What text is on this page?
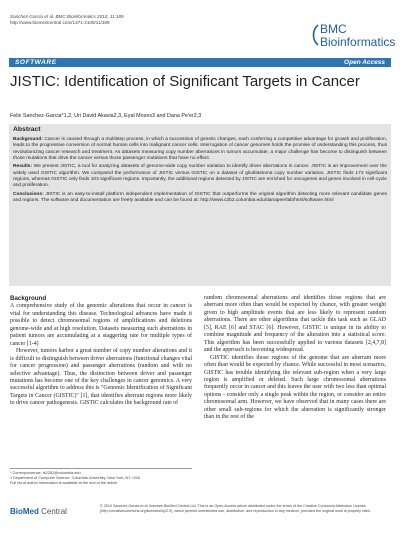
Sanchez-Garcia et al. BMC Bioinformatics 2010, 11:189
http://www.biomedcentral.com/1471-2105/11/189	BMC
Bioinformatics
SOFTWARE	Open Access
JISTIC: Identification of Significant Targets in Cancer
Felix Sanchez-Garcia*1,2, Uri David Akavia2,3, Eyal Mozes3 and Dana Pe'er2,3
Abstract

Background: Cancer is caused through a multistep process, in which a succession of genetic changes, each conferring a competitive advantage for growth and proliferation, leads to the progressive conversion of normal human cells into malignant cancer cells. Interrogation of cancer genomes holds the promise of understanding this process, thus revolutionizing cancer research and treatment. As datasets measuring copy number aberrations in tumors accumulate, a major challenge has become to distinguish between those mutations that drive the cancer versus those passenger mutations that have no effect.

Results: We present JISTIC, a tool for analyzing datasets of genome-wide copy number variation to identify driver aberrations in cancer. JISTIC is an improvement over the widely used GISTIC algorithm. We compared the performance of JISTIC versus GISTIC on a dataset of glioblastoma copy number variation, JISTIC finds 173 significant regions, whereas GISTIC only finds 103 significant regions. Importantly, the additional regions detected by JISTIC are enriched for oncogenes and genes involved in cell-cycle and proliferation.

Conclusions: JISTIC is an easy-to-install platform independent implementation of GISTIC that outperforms the original algorithm detecting more relevant candidate genes and regions. The software and documentation are freely available and can be found at: http://www.c2b2.columbia.edu/danapeerlab/html/software.html

Background

A comprehensive study of the genomic alterations that occur in cancer is vital for understanding this disease. Technological advances have made it possible to detect chromosomal regions of amplifications and deletions genome-wide and at high resolution. Datasets measuring such aberrations in patient tumors are accumulating at a staggering rate for multiple types of cancer [1-4]

However, tumors harbor a great number of copy number alterations and it is difficult to distinguish between driver aberrations (functional changes vital for cancer progression) and passenger aberrations (random and with no selective advantage). Thus, the distinction between driver and passenger mutations has become one of the key challenges in cancer genomics. A very successful algorithm to address this is "Genomic Identification of Significant Targets in Cancer (GISTIC)" [1], that identifies aberrant regions more likely to drive cancer pathogenesis. GISTIC calculates the background rate of

random chromosomal aberrations and identifies those regions that are aberrant more often than would be expected by chance, with greater weight given to high amplitude events that are less likely to represent random aberrations. There are other algorithms that tackle this task such as GLAD [5], RAE [6] and STAC [6]. However, GISTIC is unique in its ability to combine magnitude and frequency of the alteration into a statistical score. This algorithm has been successfully applied to various datasets [2,4,7,8] and the approach is becoming widespread.

GISTIC identifies those regions of the genome that are aberrant more often than would be expected by chance. While successful in most scenarios, GISTIC has trouble identifying the relevant sub-region when a very large region is amplified or deleted. Such large chromosomal aberrations frequently occur in cancer and this leaves the user with two less than optimal options - consider only a single peak within the region, or consider an entire chromosomal arm. However, we have observed that in many cases there are other small sub-regions for which the aberration is significantly stronger than in the rest of the

* Correspondence: fs2282@columbia.edu
1 Department of Computer Science, Columbia University, New York, NY, USA
Full list of author information is available at the end of the article
BioMed Central
© 2010 Sanchez-Garcia et al; licensee BioMed Central Ltd. This is an Open Access article distributed under the terms of the Creative Commons Attribution License (http://creativecommons.org/licenses/by/2.0), which permits unrestricted use, distribution, and reproduction in any medium, provided the original work is properly cited.
